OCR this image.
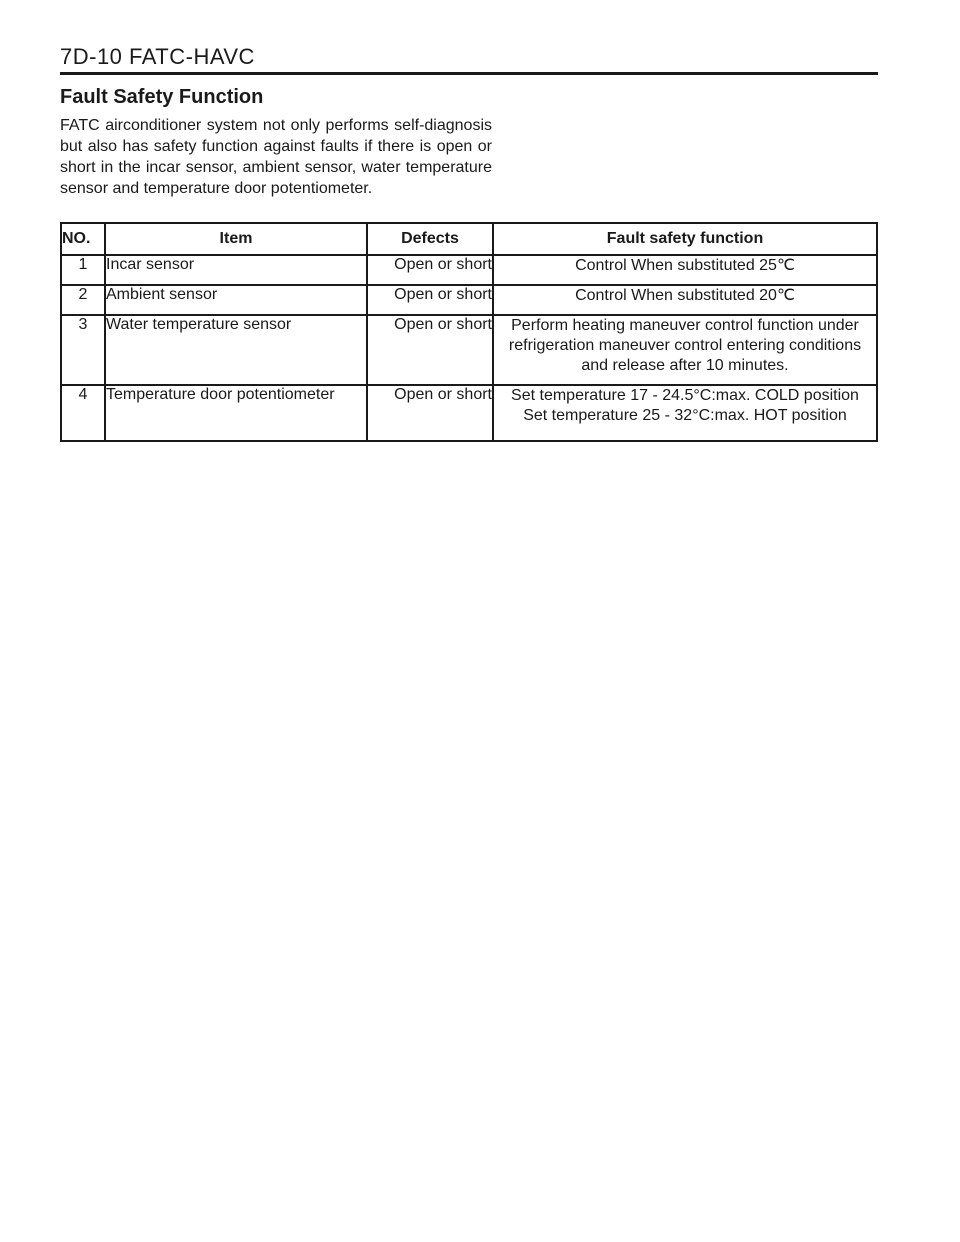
7D-10 FATC-HAVC
Fault Safety Function
FATC airconditioner system not only performs self-diagnosis but also has safety function against faults if there is open or short in the incar sensor, ambient sensor, water temperature sensor and temperature door potentiometer.
NO.	Item	Defects	Fault safety function
1	Incar sensor	Open or short	Control When substituted 25℃

2	Ambient sensor	Open or short	Control When substituted 20℃

3	Water temperature sensor	Open or short	Perform heating maneuver control function under
refrigeration maneuver control entering conditions
and release after 10 minutes.

4	Temperature door potentiometer	Open or short	Set temperature 17 - 24.5°C:max. COLD position
Set temperature 25 - 32°C:max. HOT position
